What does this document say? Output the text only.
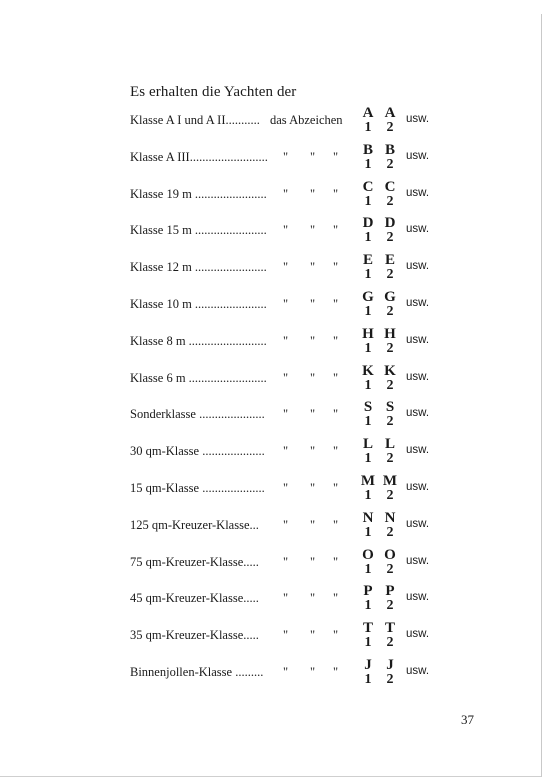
Es erhalten die Yachten der
Klasse A I und A II........... das Abzeichen A
1
A
2
usw.
Klasse A III......................... " " " B
1
B
2
usw.
Klasse 19 m ....................... " " " C
1
C
2
usw.
Klasse 15 m ....................... " " " D
1
D
2
usw.
Klasse 12 m ....................... " " " E
1
E
2
usw.
Klasse 10 m ....................... " " " G
1
G
2
usw.
Klasse 8 m ......................... " " " H
1
H
2
usw.
Klasse 6 m ......................... " " " K
1
K
2
usw.
Sonderklasse ..................... " " "	S
1
S
2
usw.
30 qm-Klasse .................... " " " L
1
L
2
usw.
15 qm-Klasse .................... " " " M
1
M
2
usw.
125 qm-Kreuzer-Klasse... " " " N
1
N
2
usw.
75 qm-Kreuzer-Klasse..... " " " O
1
O
2
usw.
45 qm-Kreuzer-Klasse..... " " " P
1
P
2
usw.
35 qm-Kreuzer-Klasse..... " " " T
1
T
2
usw.
Binnenjollen-Klasse ......... " " "	J
1
J
2
usw.
37
